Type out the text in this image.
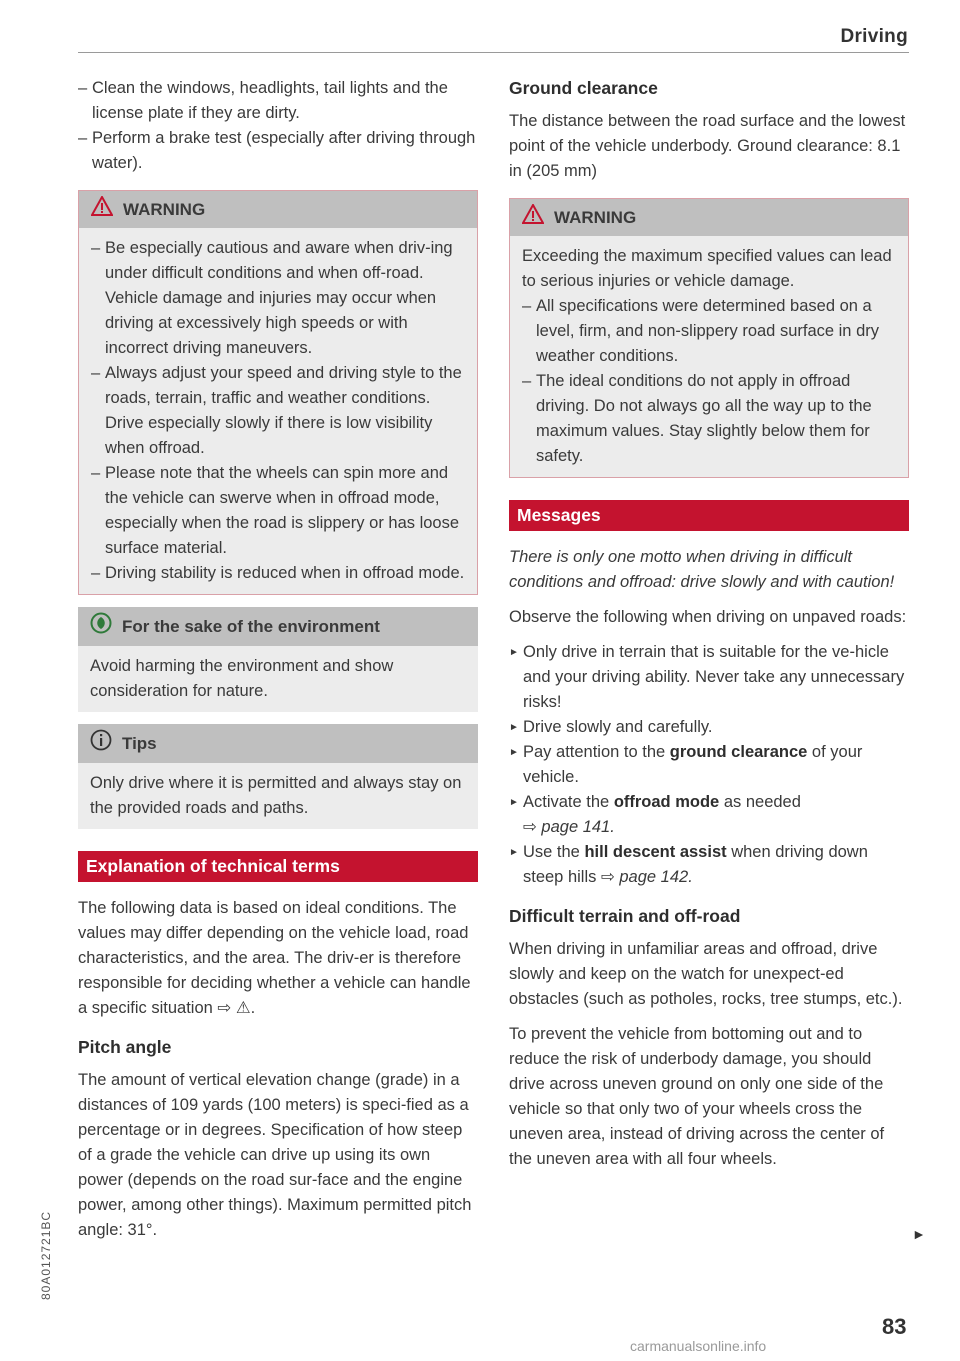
Driving
– Clean the windows, headlights, tail lights and the license plate if they are dirty.
– Perform a brake test (especially after driving through water).
WARNING
– Be especially cautious and aware when driv-ing under difficult conditions and when off-road. Vehicle damage and injuries may occur when driving at excessively high speeds or with incorrect driving maneuvers.
– Always adjust your speed and driving style to the roads, terrain, traffic and weather conditions. Drive especially slowly if there is low visibility when offroad.
– Please note that the wheels can spin more and the vehicle can swerve when in offroad mode, especially when the road is slippery or has loose surface material.
– Driving stability is reduced when in offroad mode.
For the sake of the environment
Avoid harming the environment and show consideration for nature.
Tips
Only drive where it is permitted and always stay on the provided roads and paths.
Explanation of technical terms

The following data is based on ideal conditions. The values may differ depending on the vehicle load, road characteristics, and the area. The driv-er is therefore responsible for deciding whether a vehicle can handle a specific situation ⇨ ⚠.

Pitch angle

The amount of vertical elevation change (grade) in a distances of 109 yards (100 meters) is speci-fied as a percentage or in degrees. Specification of how steep of a grade the vehicle can drive up using its own power (depends on the road sur-face and the engine power, among other things). Maximum permitted pitch angle: 31°.

Ground clearance

The distance between the road surface and the lowest point of the vehicle underbody. Ground clearance: 8.1 in (205 mm)

WARNING
Exceeding the maximum specified values can lead to serious injuries or vehicle damage.
– All specifications were determined based on a level, firm, and non-slippery road surface in dry weather conditions.
– The ideal conditions do not apply in offroad driving. Do not always go all the way up to the maximum values. Stay slightly below them for safety.
Messages

There is only one motto when driving in difficult conditions and offroad: drive slowly and with caution!

Observe the following when driving on unpaved roads:

► Only drive in terrain that is suitable for the ve-hicle and your driving ability. Never take any unnecessary risks!
► Drive slowly and carefully.
► Pay attention to the ground clearance of your vehicle.
► Activate the offroad mode as needed
⇨ page 141.
► Use the hill descent assist when driving down steep hills ⇨ page 142.
Difficult terrain and off-road

When driving in unfamiliar areas and offroad, drive slowly and keep on the watch for unexpect-ed obstacles (such as potholes, rocks, tree stumps, etc.).

To prevent the vehicle from bottoming out and to reduce the risk of underbody damage, you should drive across uneven ground on only one side of the vehicle so that only two of your wheels cross the uneven area, instead of driving across the center of the uneven area with all four wheels.

►
83
80A012721BC
carmanualsonline.info
